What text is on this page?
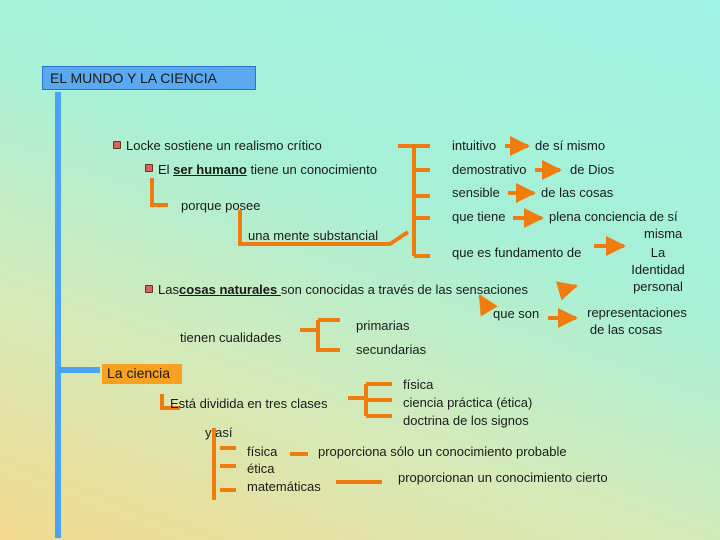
EL MUNDO Y LA CIENCIA
Locke sostiene un realismo crítico
El ser humano tiene un conocimiento
porque posee
una mente substancial
intuitivo	de sí mismo
demostrativo	de Dios
sensible	de las cosas
que tiene	plena conciencia de sí
misma
que es fundamento de	La
Identidad
personal
Lascosas naturales son conocidas a través de las sensaciones
que son	representaciones
de las cosas
tienen cualidades
primarias
secundarias
La ciencia
Está dividida en tres clases
física
ciencia práctica (ética)
doctrina de los signos
y así
física
ética
matemáticas
proporciona sólo un conocimiento probable
proporcionan un conocimiento cierto
